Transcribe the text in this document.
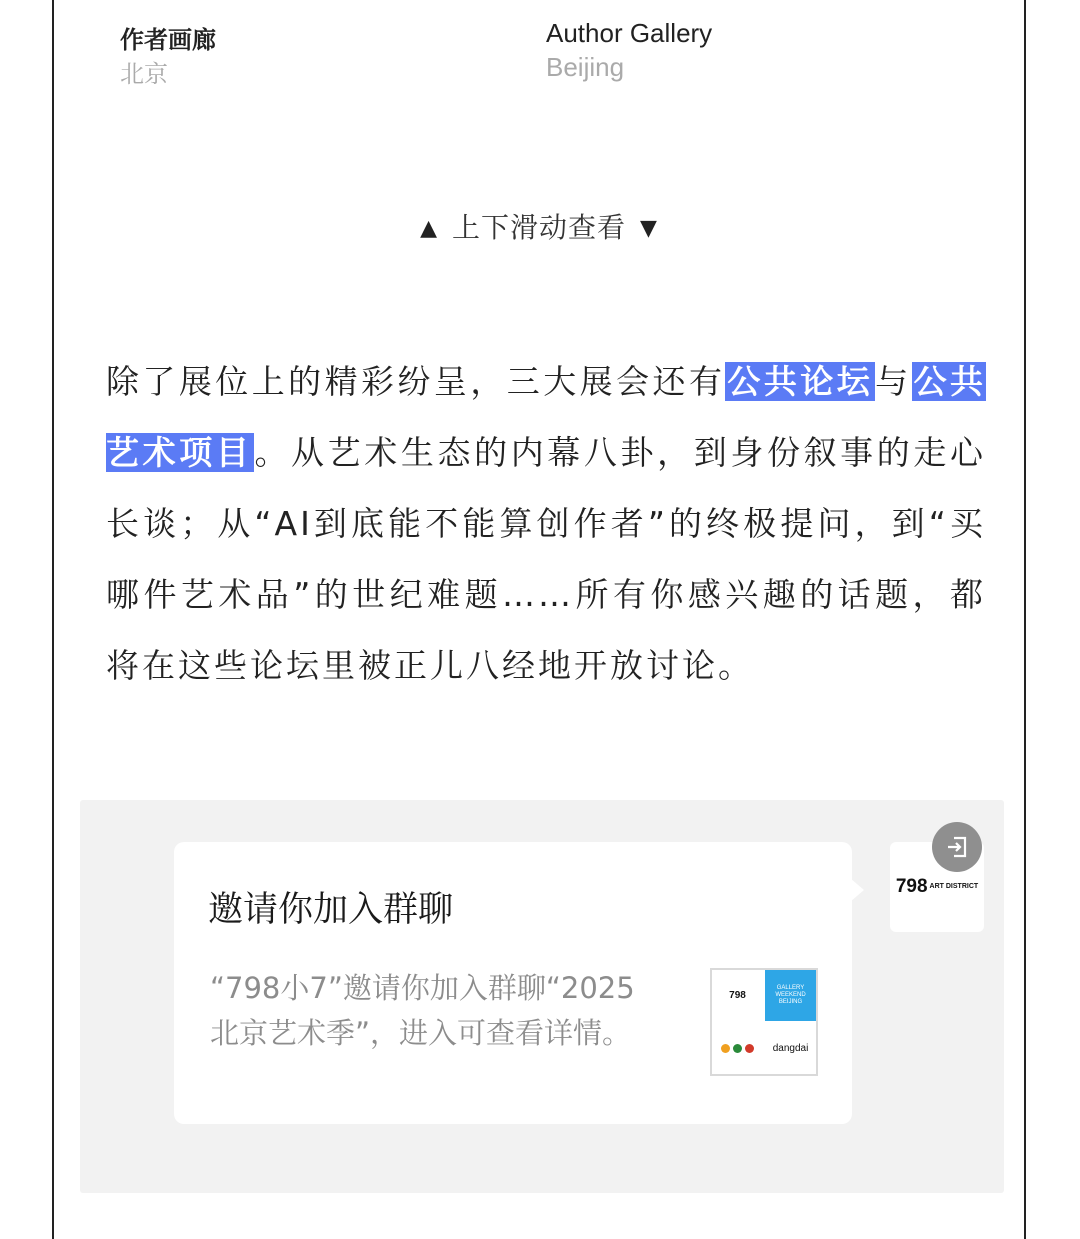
作者画廊
北京
Author Gallery
Beijing
▲ 上下滑动查看 ▼
除了展位上的精彩纷呈，三大展会还有公共论坛与公共艺术项目。从艺术生态的内幕八卦，到身份叙事的走心长谈；从“AI到底能不能算创作者”的终极提问，到“买哪件艺术品”的世纪难题……所有你感兴趣的话题，都将在这些论坛里被正儿八经地开放讨论。
邀请你加入群聊
“798小7”邀请你加入群聊“2025北京艺术季”，进入可查看详情。
798
GALLERY WEEKEND BEIJING
dangdai
798 ART DISTRICT
